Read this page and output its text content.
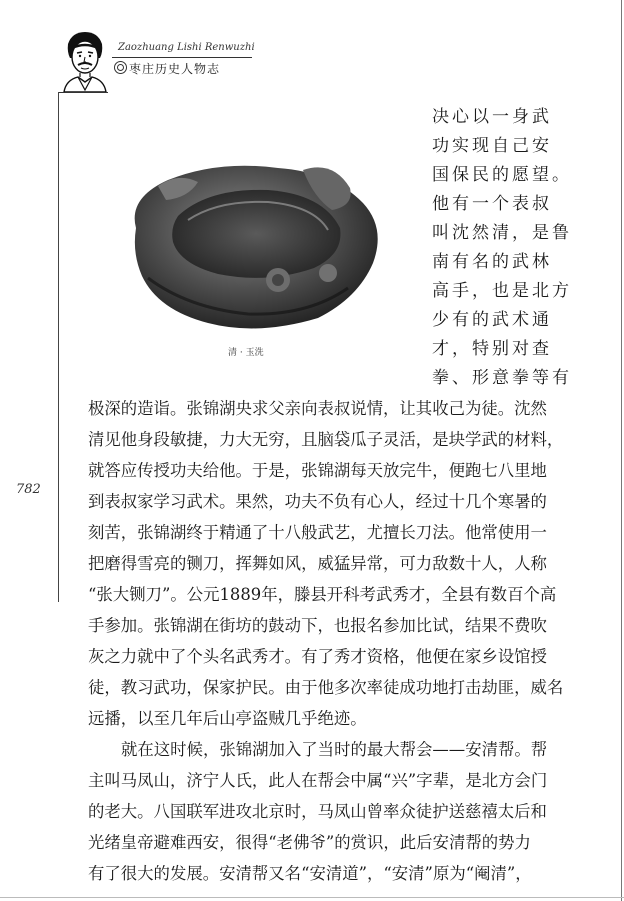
Zaozhuang Lishi Renwuzhi
枣庄历史人物志
清 · 玉洗
决心以一身武
功实现自己安
国保民的愿望。
他有一个表叔
叫沈然清，是鲁
南有名的武林
高手，也是北方
少有的武术通
才，特别对查
拳、形意拳等有
782
极深的造诣。张锦湖央求父亲向表叔说情，让其收己为徒。沈然
清见他身段敏捷，力大无穷，且脑袋瓜子灵活，是块学武的材料，
就答应传授功夫给他。于是，张锦湖每天放完牛，便跑七八里地
到表叔家学习武术。果然，功夫不负有心人，经过十几个寒暑的
刻苦，张锦湖终于精通了十八般武艺，尤擅长刀法。他常使用一
把磨得雪亮的铡刀，挥舞如风，威猛异常，可力敌数十人，人称
“张大铡刀”。公元1889年，滕县开科考武秀才，全县有数百个高
手参加。张锦湖在街坊的鼓动下，也报名参加比试，结果不费吹
灰之力就中了个头名武秀才。有了秀才资格，他便在家乡设馆授
徒，教习武功，保家护民。由于他多次率徒成功地打击劫匪，威名
远播，以至几年后山亭盗贼几乎绝迹。
就在这时候，张锦湖加入了当时的最大帮会——安清帮。帮
主叫马凤山，济宁人氏，此人在帮会中属“兴”字辈，是北方会门
的老大。八国联军进攻北京时，马凤山曾率众徒护送慈禧太后和
光绪皇帝避难西安，很得“老佛爷”的赏识，此后安清帮的势力
有了很大的发展。安清帮又名“安清道”，“安清”原为“阉清”，
